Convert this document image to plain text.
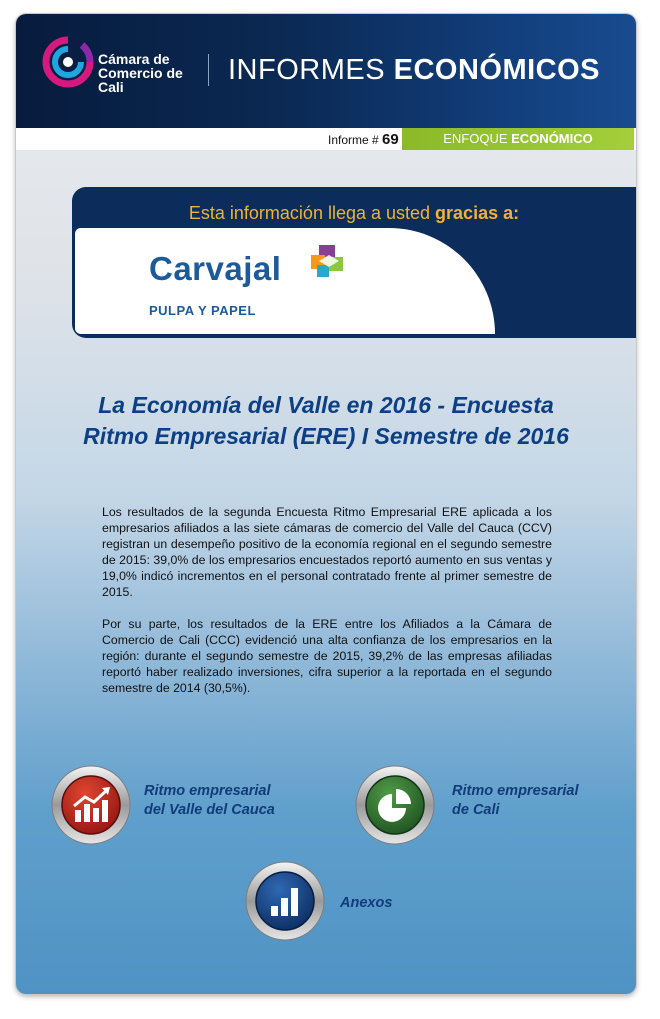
Cámara de
Comercio de
Cali
INFORMES ECONÓMICOS
Informe # 69	ENFOQUE ECONÓMICO
Esta información llega a usted gracias a:
Carvajal
PULPA Y PAPEL
La Economía del Valle en 2016 - Encuesta
Ritmo Empresarial (ERE) I Semestre de 2016

Los resultados de la segunda Encuesta Ritmo Empresarial ERE aplicada a los empresarios afiliados a las siete cámaras de comercio del Valle del Cauca (CCV) registran un desempeño positivo de la economía regional en el segundo semestre de 2015: 39,0% de los empresarios encuestados reportó aumento en sus ventas y 19,0% indicó incrementos en el personal contratado frente al primer semestre de 2015.

Por su parte, los resultados de la ERE entre los Afiliados a la Cámara de Comercio de Cali (CCC) evidenció una alta confianza de los empresarios en la región: durante el segundo semestre de 2015, 39,2% de las empresas afiliadas reportó haber realizado inversiones, cifra superior a la reportada en el segundo semestre de 2014 (30,5%).

Ritmo empresarial
del Valle del Cauca
Ritmo empresarial
de Cali
Anexos
